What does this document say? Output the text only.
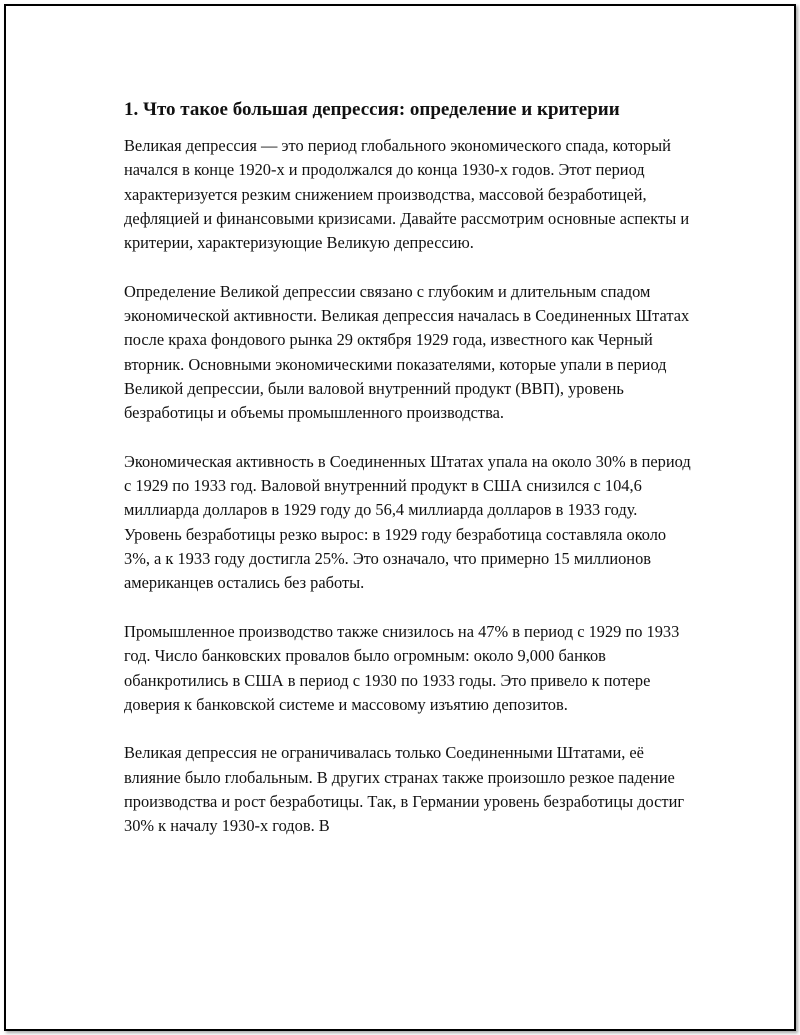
1. Что такое большая депрессия: определение и критерии

Великая депрессия — это период глобального экономического спада, который начался в конце 1920-х и продолжался до конца 1930-х годов. Этот период характеризуется резким снижением производства, массовой безработицей, дефляцией и финансовыми кризисами. Давайте рассмотрим основные аспекты и критерии, характеризующие Великую депрессию.

Определение Великой депрессии связано с глубоким и длительным спадом экономической активности. Великая депрессия началась в Соединенных Штатах после краха фондового рынка 29 октября 1929 года, известного как Черный вторник. Основными экономическими показателями, которые упали в период Великой депрессии, были валовой внутренний продукт (ВВП), уровень безработицы и объемы промышленного производства.

Экономическая активность в Соединенных Штатах упала на около 30% в период с 1929 по 1933 год. Валовой внутренний продукт в США снизился с 104,6 миллиарда долларов в 1929 году до 56,4 миллиарда долларов в 1933 году. Уровень безработицы резко вырос: в 1929 году безработица составляла около 3%, а к 1933 году достигла 25%. Это означало, что примерно 15 миллионов американцев остались без работы.

Промышленное производство также снизилось на 47% в период с 1929 по 1933 год. Число банковских провалов было огромным: около 9,000 банков обанкротились в США в период с 1930 по 1933 годы. Это привело к потере доверия к банковской системе и массовому изъятию депозитов.

Великая депрессия не ограничивалась только Соединенными Штатами, её влияние было глобальным. В других странах также произошло резкое падение производства и рост безработицы. Так, в Германии уровень безработицы достиг 30% к началу 1930-х годов. В
